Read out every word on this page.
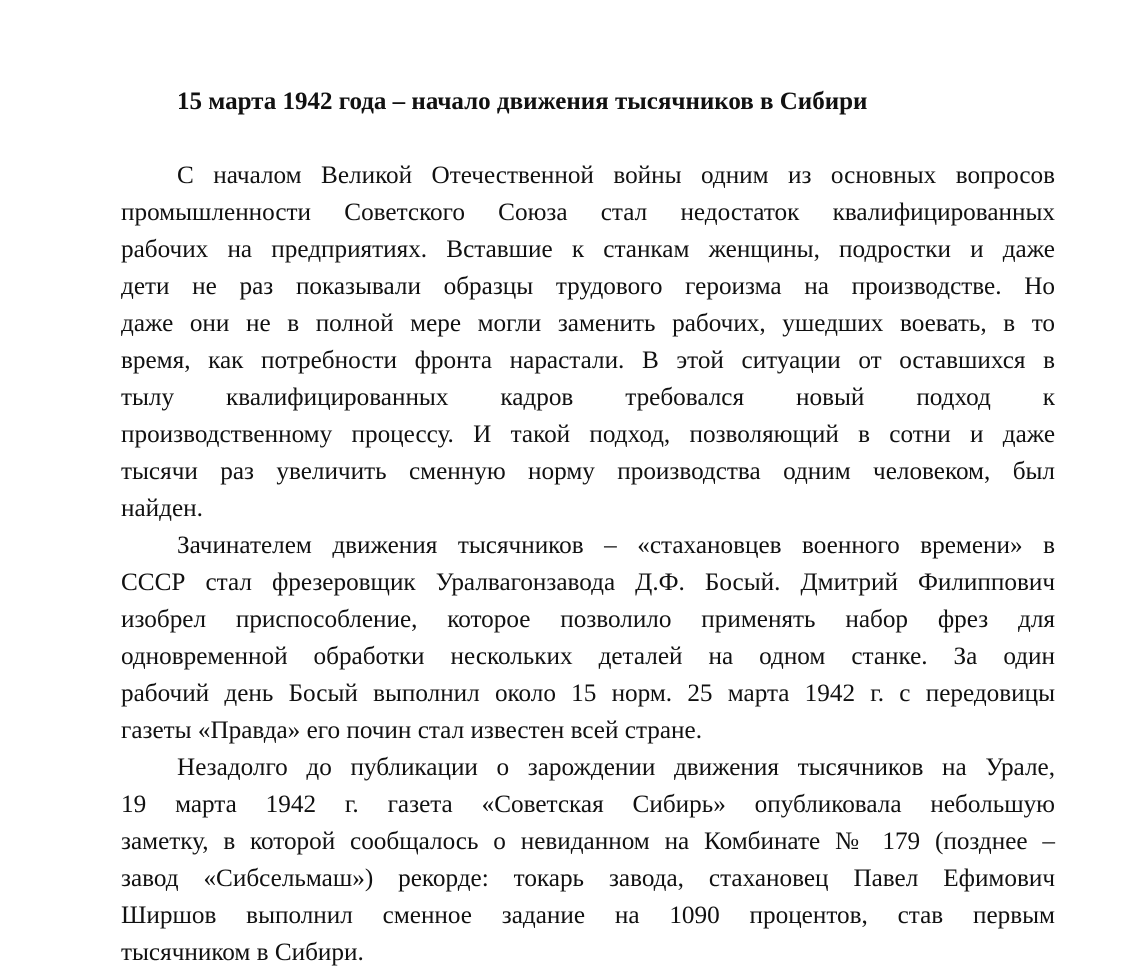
15 марта 1942 года – начало движения тысячников в Сибири

С началом Великой Отечественной войны одним из основных вопросов
промышленности Советского Союза стал недостаток квалифицированных
рабочих на предприятиях. Вставшие к станкам женщины, подростки и даже
дети не раз показывали образцы трудового героизма на производстве. Но
даже они не в полной мере могли заменить рабочих, ушедших воевать, в то
время, как потребности фронта нарастали. В этой ситуации от оставшихся в
тылу квалифицированных кадров требовался новый подход к
производственному процессу. И такой подход, позволяющий в сотни и даже
тысячи раз увеличить сменную норму производства одним человеком, был
найден.

Зачинателем движения тысячников – «стахановцев военного времени» в
СССР стал фрезеровщик Уралвагонзавода Д.Ф. Босый. Дмитрий Филиппович
изобрел приспособление, которое позволило применять набор фрез для
одновременной обработки нескольких деталей на одном станке. За один
рабочий день Босый выполнил около 15 норм. 25 марта 1942 г. с передовицы
газеты «Правда» его почин стал известен всей стране.

Незадолго до публикации о зарождении движения тысячников на Урале,
19 марта 1942 г. газета «Советская Сибирь» опубликовала небольшую
заметку, в которой сообщалось о невиданном на Комбинате № 179 (позднее –
завод «Сибсельмаш») рекорде: токарь завода, стахановец Павел Ефимович
Ширшов выполнил сменное задание на 1090 процентов, став первым
тысячником в Сибири.
